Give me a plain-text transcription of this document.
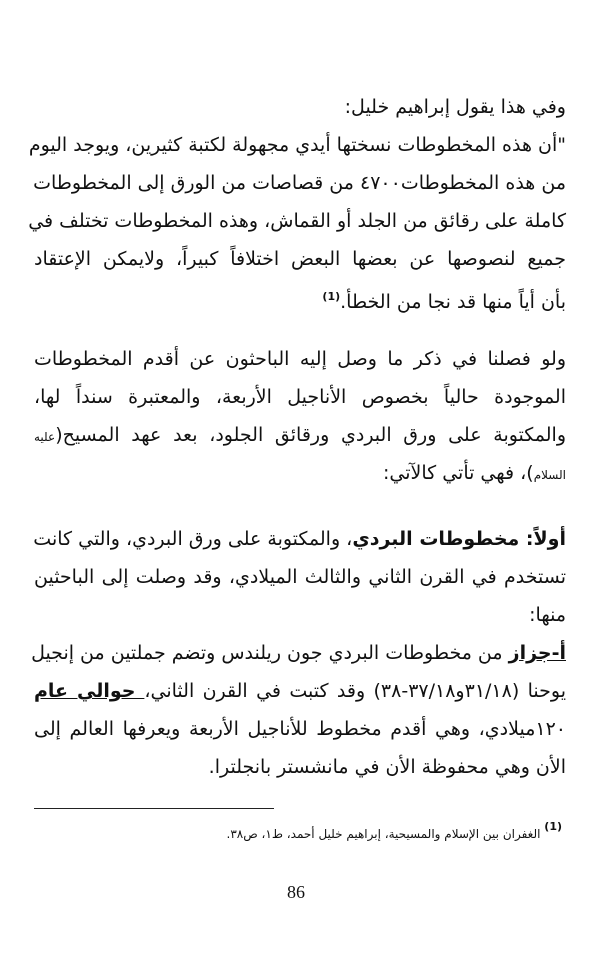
وفي هذا يقول إبراهيم خليل:
"أن هذه المخطوطات نسختها أيدي مجهولة لكتبة كثيرين، ويوجد اليوم
من هذه المخطوطات٤٧٠٠ من قصاصات من الورق إلى المخطوطات
كاملة على رقائق من الجلد أو القماش، وهذه المخطوطات تختلف في
جميع لنصوصها عن بعضها البعض اختلافاً كبيراً، ولايمكن الإعتقاد
بأن أياً منها قد نجا من الخطأ.$^{(1)}$
ولو فصلنا في ذكر ما وصل إليه الباحثون عن أقدم المخطوطات
الموجودة حالياً بخصوص الأناجيل الأربعة، والمعتبرة سنداً لها،
والمكتوبة على ورق البردي ورقائق الجلود، بعد عهد المسيح(عليه
السلام)، فهي تأتي كالآتي:
أولاً: مخطوطات البردي، والمكتوبة على ورق البردي، والتي كانت
تستخدم في القرن الثاني والثالث الميلادي، وقد وصلت إلى الباحثين
منها:
أ-جزاز من مخطوطات البردي جون ريلندس وتضم جملتين من إنجيل
يوحنا (٣١/١٨و٣٧/١٨-٣٨) وقد كتبت في القرن الثاني، حوالي عام
١٢٠ميلادي، وهي أقدم مخطوط للأناجيل الأربعة ويعرفها العالم إلى
الأن وهي محفوظة الأن في مانشستر بانجلترا.
$^{(1)}$ الغفران بين الإسلام والمسيحية، إبراهيم خليل أحمد، ط١، ص٣٨.
86
